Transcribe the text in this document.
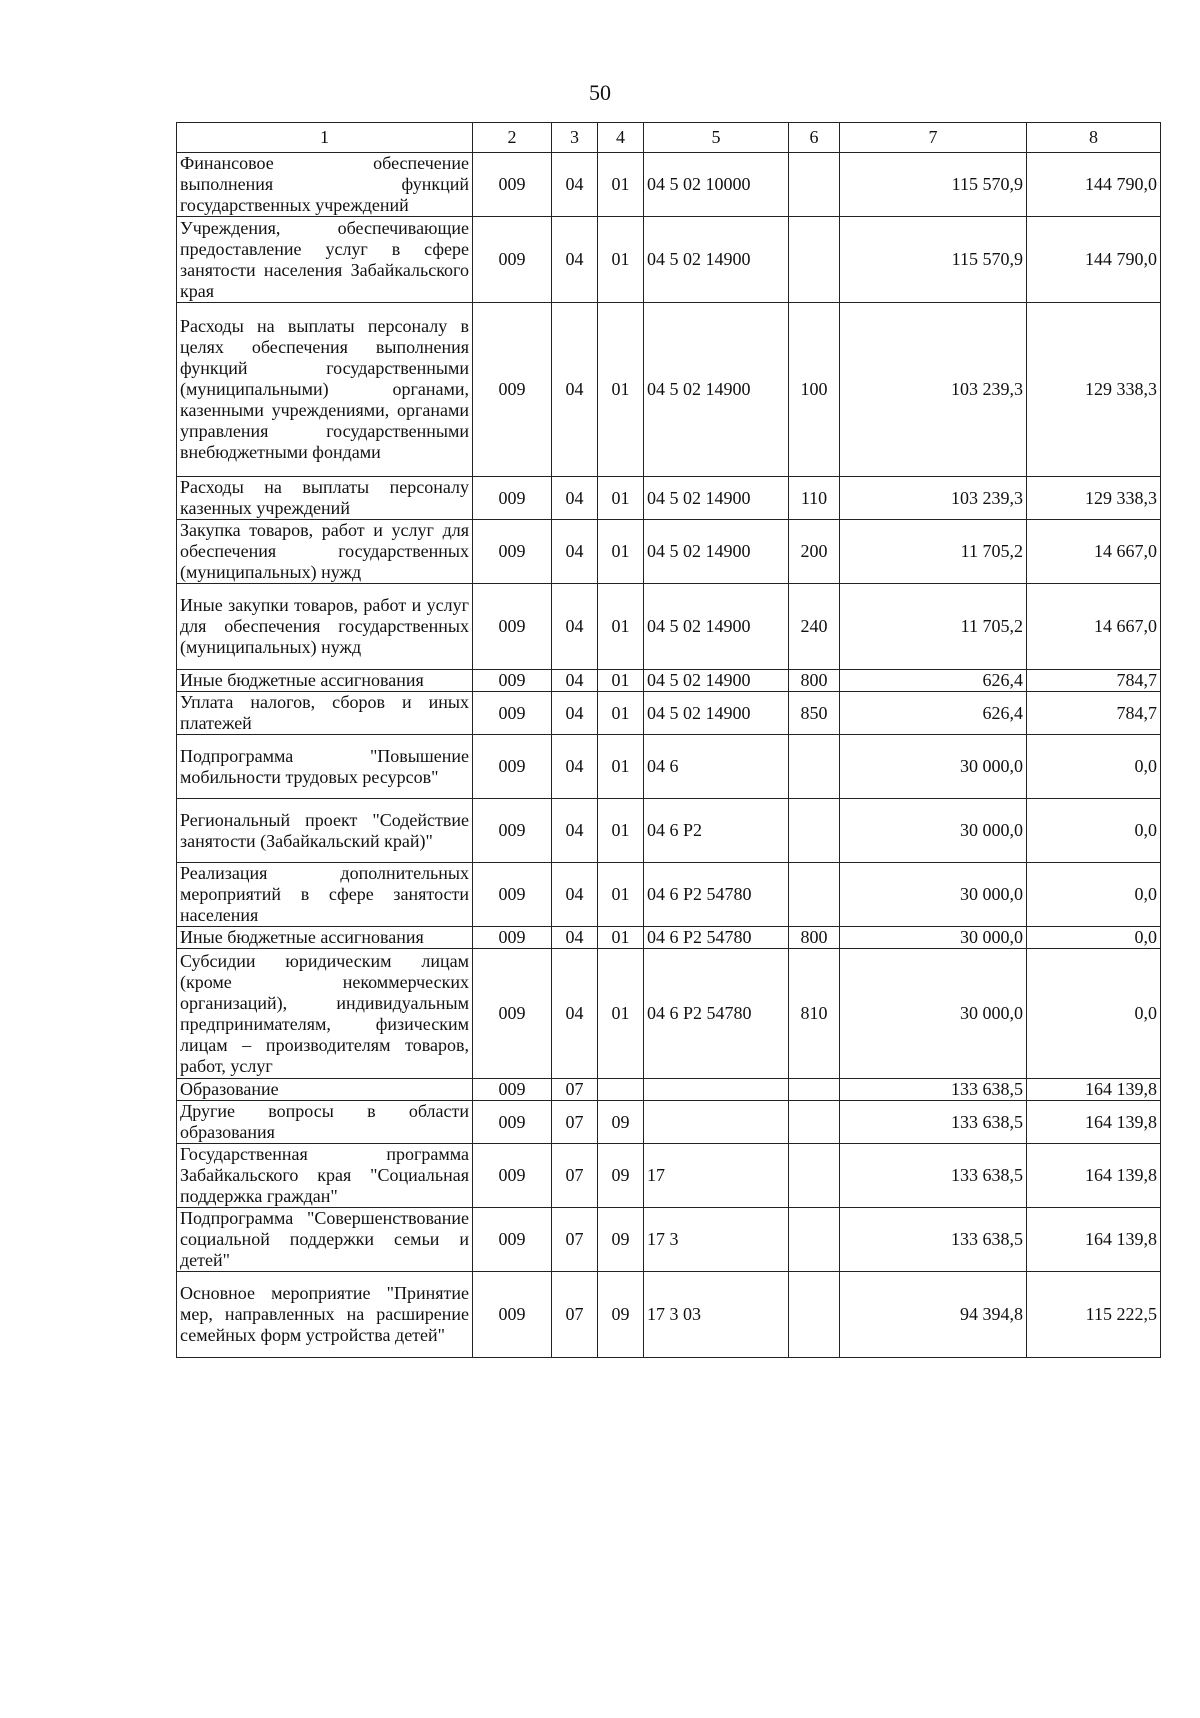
50
1	2	3	4	5	6	7	8
Финансовое обеспечение выполнения функций государственных учреждений	009	04	01	04 5 02 10000		115 570,9	144 790,0
Учреждения, обеспечивающие предоставление услуг в сфере занятости населения Забайкальского края	009	04	01	04 5 02 14900		115 570,9	144 790,0
Расходы на выплаты персоналу в целях обеспечения выполнения функций государственными (муниципальными) органами, казенными учреждениями, органами управления государственными внебюджетными фондами	009	04	01	04 5 02 14900	100	103 239,3	129 338,3
Расходы на выплаты персоналу казенных учреждений	009	04	01	04 5 02 14900	110	103 239,3	129 338,3
Закупка товаров, работ и услуг для обеспечения государственных (муниципальных) нужд	009	04	01	04 5 02 14900	200	11 705,2	14 667,0
Иные закупки товаров, работ и услуг для обеспечения государственных (муниципальных) нужд	009	04	01	04 5 02 14900	240	11 705,2	14 667,0
Иные бюджетные ассигнования	009	04	01	04 5 02 14900	800	626,4	784,7
Уплата налогов, сборов и иных платежей	009	04	01	04 5 02 14900	850	626,4	784,7
Подпрограмма "Повышение мобильности трудовых ресурсов"	009	04	01	04 6		30 000,0	0,0
Региональный проект "Содействие занятости (Забайкальский край)"	009	04	01	04 6 P2		30 000,0	0,0
Реализация дополнительных мероприятий в сфере занятости населения	009	04	01	04 6 P2 54780		30 000,0	0,0
Иные бюджетные ассигнования	009	04	01	04 6 P2 54780	800	30 000,0	0,0
Субсидии юридическим лицам (кроме некоммерческих организаций), индивидуальным предпринимателям, физическим лицам – производителям товаров, работ, услуг	009	04	01	04 6 P2 54780	810	30 000,0	0,0
Образование	009	07				133 638,5	164 139,8
Другие вопросы в области образования	009	07	09			133 638,5	164 139,8
Государственная программа Забайкальского края "Социальная поддержка граждан"	009	07	09	17		133 638,5	164 139,8
Подпрограмма "Совершенствование социальной поддержки семьи и детей"	009	07	09	17 3		133 638,5	164 139,8
Основное мероприятие "Принятие мер, направленных на расширение семейных форм устройства детей"	009	07	09	17 3 03		94 394,8	115 222,5
